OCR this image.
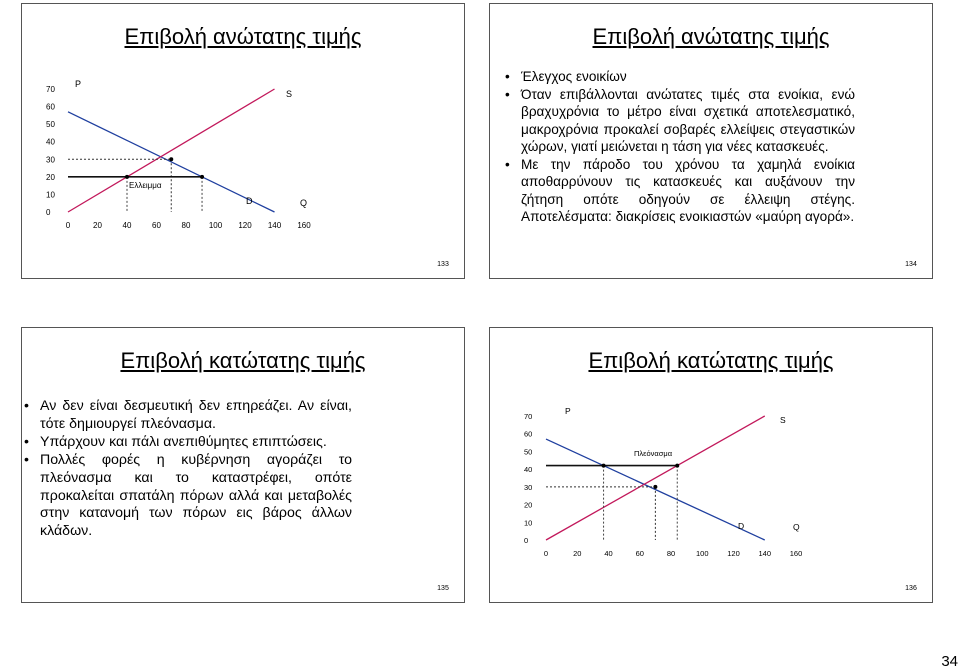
Επιβολή ανώτατης τιμής
0
10
20
30
40
50
60
70
0	20	40	60	80 100 120 140 160
P
Q
S
D
Ελλειμμα
133
Επιβολή ανώτατης τιμής
• Έλεγχος ενοικίων
• Όταν επιβάλλονται ανώτατες τιμές στα ενοίκια, ενώ βραχυχρόνια το μέτρο είναι σχετικά αποτελεσματικό, μακροχρόνια προκαλεί σοβαρές ελλείψεις στεγαστικών χώρων, γιατί μειώνεται η τάση για νέες κατασκευές.
• Με την πάροδο του χρόνου τα χαμηλά ενοίκια αποθαρρύνουν τις κατασκευές και αυξάνουν την ζήτηση οπότε οδηγούν σε έλλειψη στέγης. Αποτελέσματα: διακρίσεις ενοικιαστών «μαύρη αγορά».
134
Επιβολή κατώτατης τιμής
• Αν δεν είναι δεσμευτική δεν επηρεάζει. Αν είναι, τότε δημιουργεί πλεόνασμα.
• Υπάρχουν και πάλι ανεπιθύμητες επιπτώσεις.
• Πολλές φορές η κυβέρνηση αγοράζει το πλεόνασμα και το καταστρέφει, οπότε προκαλείται σπατάλη πόρων αλλά και μεταβολές στην κατανομή των πόρων εις βάρος άλλων κλάδων.
135
Επιβολή κατώτατης τιμής
0
10
20
30
40
50
60
70
0	20	40	60	80	100 120 140 160
P
Q
S
D
Πλεόνασμα
136
34
